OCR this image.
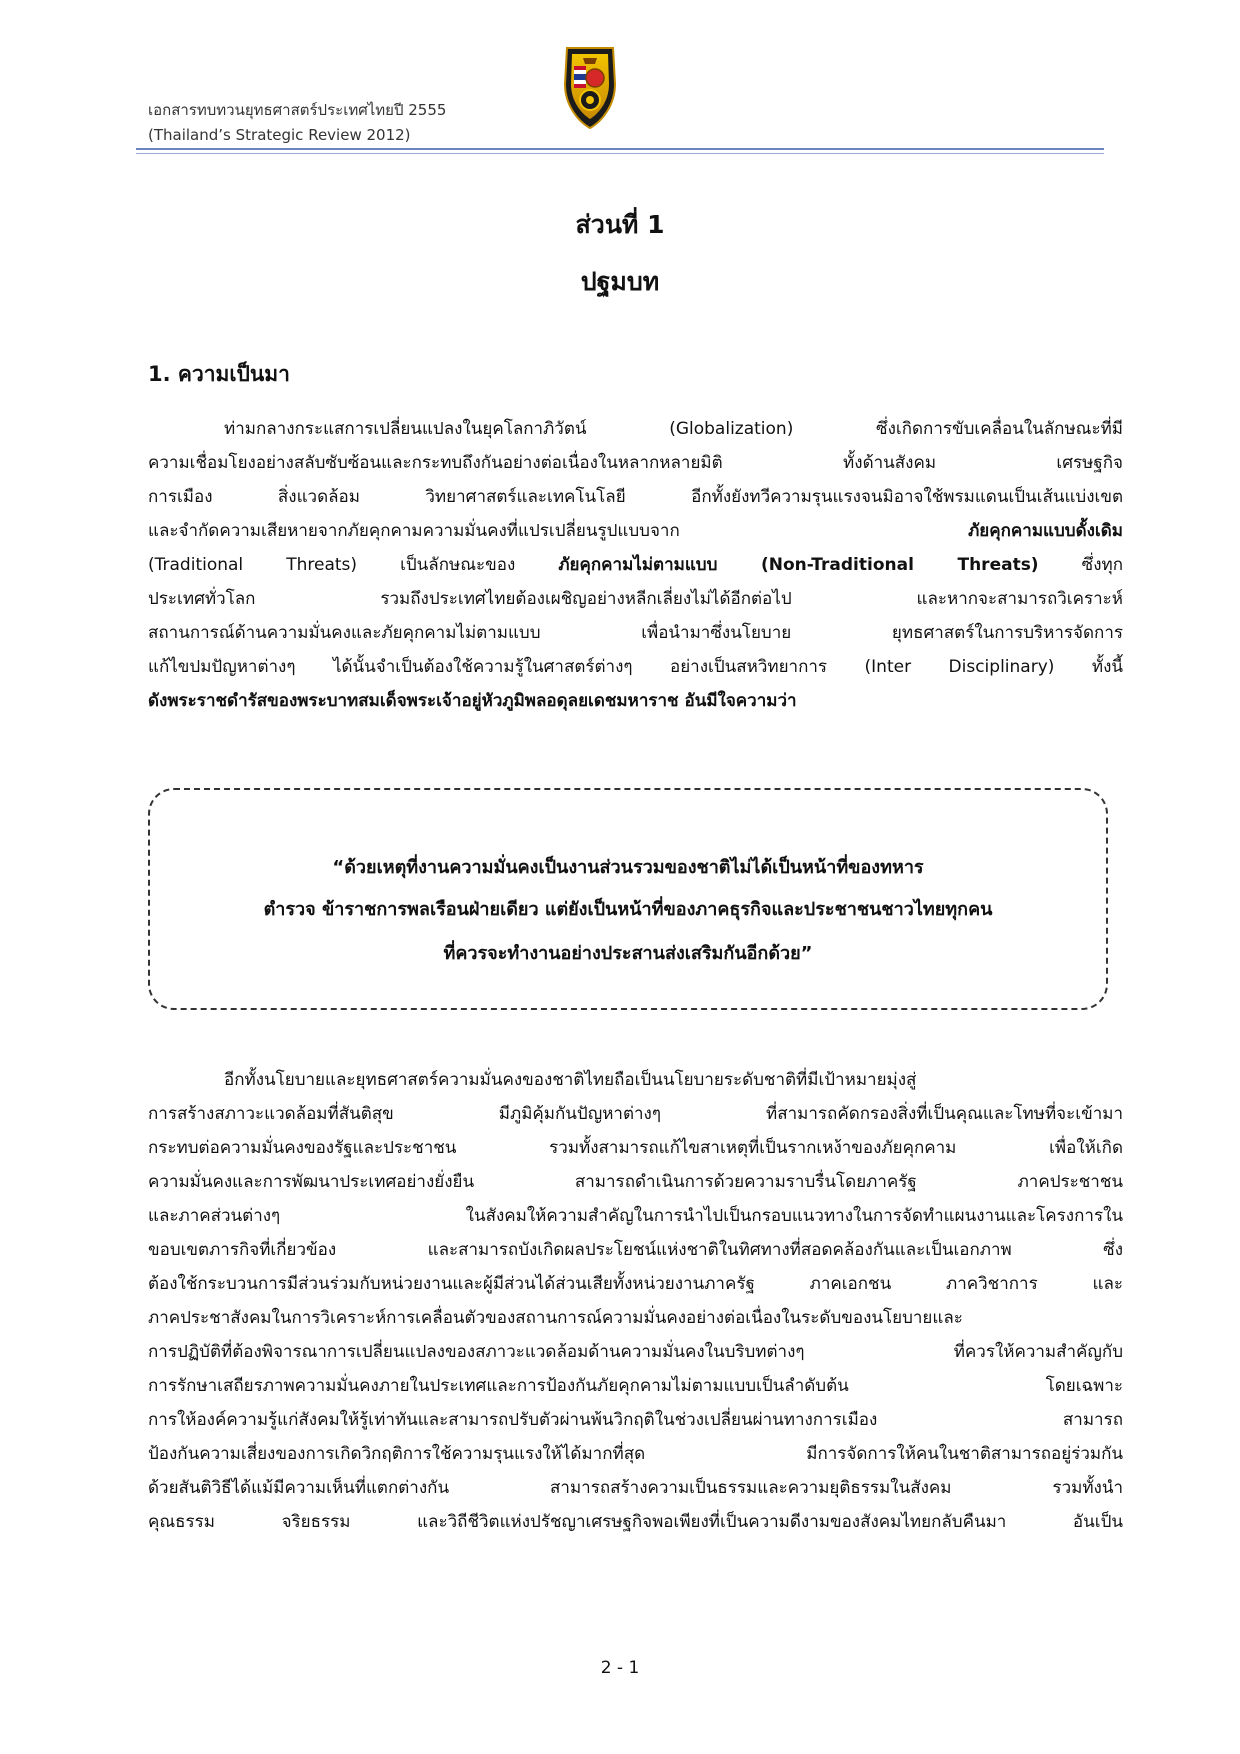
เอกสารทบทวนยุทธศาสตร์ประเทศไทยปี 2555
(Thailand’s Strategic Review 2012)
ส่วนที่ 1
ปฐมบท
1. ความเป็นมา
ท่ามกลางกระแสการเปลี่ยนแปลงในยุคโลกาภิวัตน์ (Globalization) ซึ่งเกิดการขับเคลื่อนในลักษณะที่มี
ความเชื่อมโยงอย่างสลับซับซ้อนและกระทบถึงกันอย่างต่อเนื่องในหลากหลายมิติ ทั้งด้านสังคม เศรษฐกิจ
การเมือง สิ่งแวดล้อม วิทยาศาสตร์และเทคโนโลยี อีกทั้งยังทวีความรุนแรงจนมิอาจใช้พรมแดนเป็นเส้นแบ่งเขต
และจำกัดความเสียหายจากภัยคุกคามความมั่นคงที่แปรเปลี่ยนรูปแบบจาก ภัยคุกคามแบบดั้งเดิม
(Traditional Threats) เป็นลักษณะของ ภัยคุกคามไม่ตามแบบ (Non-Traditional Threats) ซึ่งทุก
ประเทศทั่วโลก รวมถึงประเทศไทยต้องเผชิญอย่างหลีกเลี่ยงไม่ได้อีกต่อไป และหากจะสามารถวิเคราะห์
สถานการณ์ด้านความมั่นคงและภัยคุกคามไม่ตามแบบ เพื่อนำมาซึ่งนโยบาย ยุทธศาสตร์ในการบริหารจัดการ
แก้ไขปมปัญหาต่างๆ ได้นั้นจำเป็นต้องใช้ความรู้ในศาสตร์ต่างๆ อย่างเป็นสหวิทยาการ (Inter Disciplinary) ทั้งนี้
ดังพระราชดำรัสของพระบาทสมเด็จพระเจ้าอยู่หัวภูมิพลอดุลยเดชมหาราช อันมีใจความว่า
“ด้วยเหตุที่งานความมั่นคงเป็นงานส่วนรวมของชาติไม่ได้เป็นหน้าที่ของทหาร
ตำรวจ ข้าราชการพลเรือนฝ่ายเดียว แต่ยังเป็นหน้าที่ของภาคธุรกิจและประชาชนชาวไทยทุกคน
ที่ควรจะทำงานอย่างประสานส่งเสริมกันอีกด้วย”
อีกทั้งนโยบายและยุทธศาสตร์ความมั่นคงของชาติไทยถือเป็นนโยบายระดับชาติที่มีเป้าหมายมุ่งสู่
การสร้างสภาวะแวดล้อมที่สันติสุข มีภูมิคุ้มกันปัญหาต่างๆ ที่สามารถคัดกรองสิ่งที่เป็นคุณและโทษที่จะเข้ามา
กระทบต่อความมั่นคงของรัฐและประชาชน รวมทั้งสามารถแก้ไขสาเหตุที่เป็นรากเหง้าของภัยคุกคาม เพื่อให้เกิด
ความมั่นคงและการพัฒนาประเทศอย่างยั่งยืน สามารถดำเนินการด้วยความราบรื่นโดยภาครัฐ ภาคประชาชน
และภาคส่วนต่างๆ ในสังคมให้ความสำคัญในการนำไปเป็นกรอบแนวทางในการจัดทำแผนงานและโครงการใน
ขอบเขตภารกิจที่เกี่ยวข้อง และสามารถบังเกิดผลประโยชน์แห่งชาติในทิศทางที่สอดคล้องกันและเป็นเอกภาพ ซึ่ง
ต้องใช้กระบวนการมีส่วนร่วมกับหน่วยงานและผู้มีส่วนได้ส่วนเสียทั้งหน่วยงานภาครัฐ ภาคเอกชน ภาควิชาการ และ
ภาคประชาสังคมในการวิเคราะห์การเคลื่อนตัวของสถานการณ์ความมั่นคงอย่างต่อเนื่องในระดับของนโยบายและ
การปฏิบัติที่ต้องพิจารณาการเปลี่ยนแปลงของสภาวะแวดล้อมด้านความมั่นคงในบริบทต่างๆ ที่ควรให้ความสำคัญกับ
การรักษาเสถียรภาพความมั่นคงภายในประเทศและการป้องกันภัยคุกคามไม่ตามแบบเป็นลำดับต้น โดยเฉพาะ
การให้องค์ความรู้แก่สังคมให้รู้เท่าทันและสามารถปรับตัวผ่านพ้นวิกฤติในช่วงเปลี่ยนผ่านทางการเมือง สามารถ
ป้องกันความเสี่ยงของการเกิดวิกฤติการใช้ความรุนแรงให้ได้มากที่สุด มีการจัดการให้คนในชาติสามารถอยู่ร่วมกัน
ด้วยสันติวิธีได้แม้มีความเห็นที่แตกต่างกัน สามารถสร้างความเป็นธรรมและความยุติธรรมในสังคม รวมทั้งนำ
คุณธรรม จริยธรรม และวิถีชีวิตแห่งปรัชญาเศรษฐกิจพอเพียงที่เป็นความดีงามของสังคมไทยกลับคืนมา อันเป็น
2 - 1
